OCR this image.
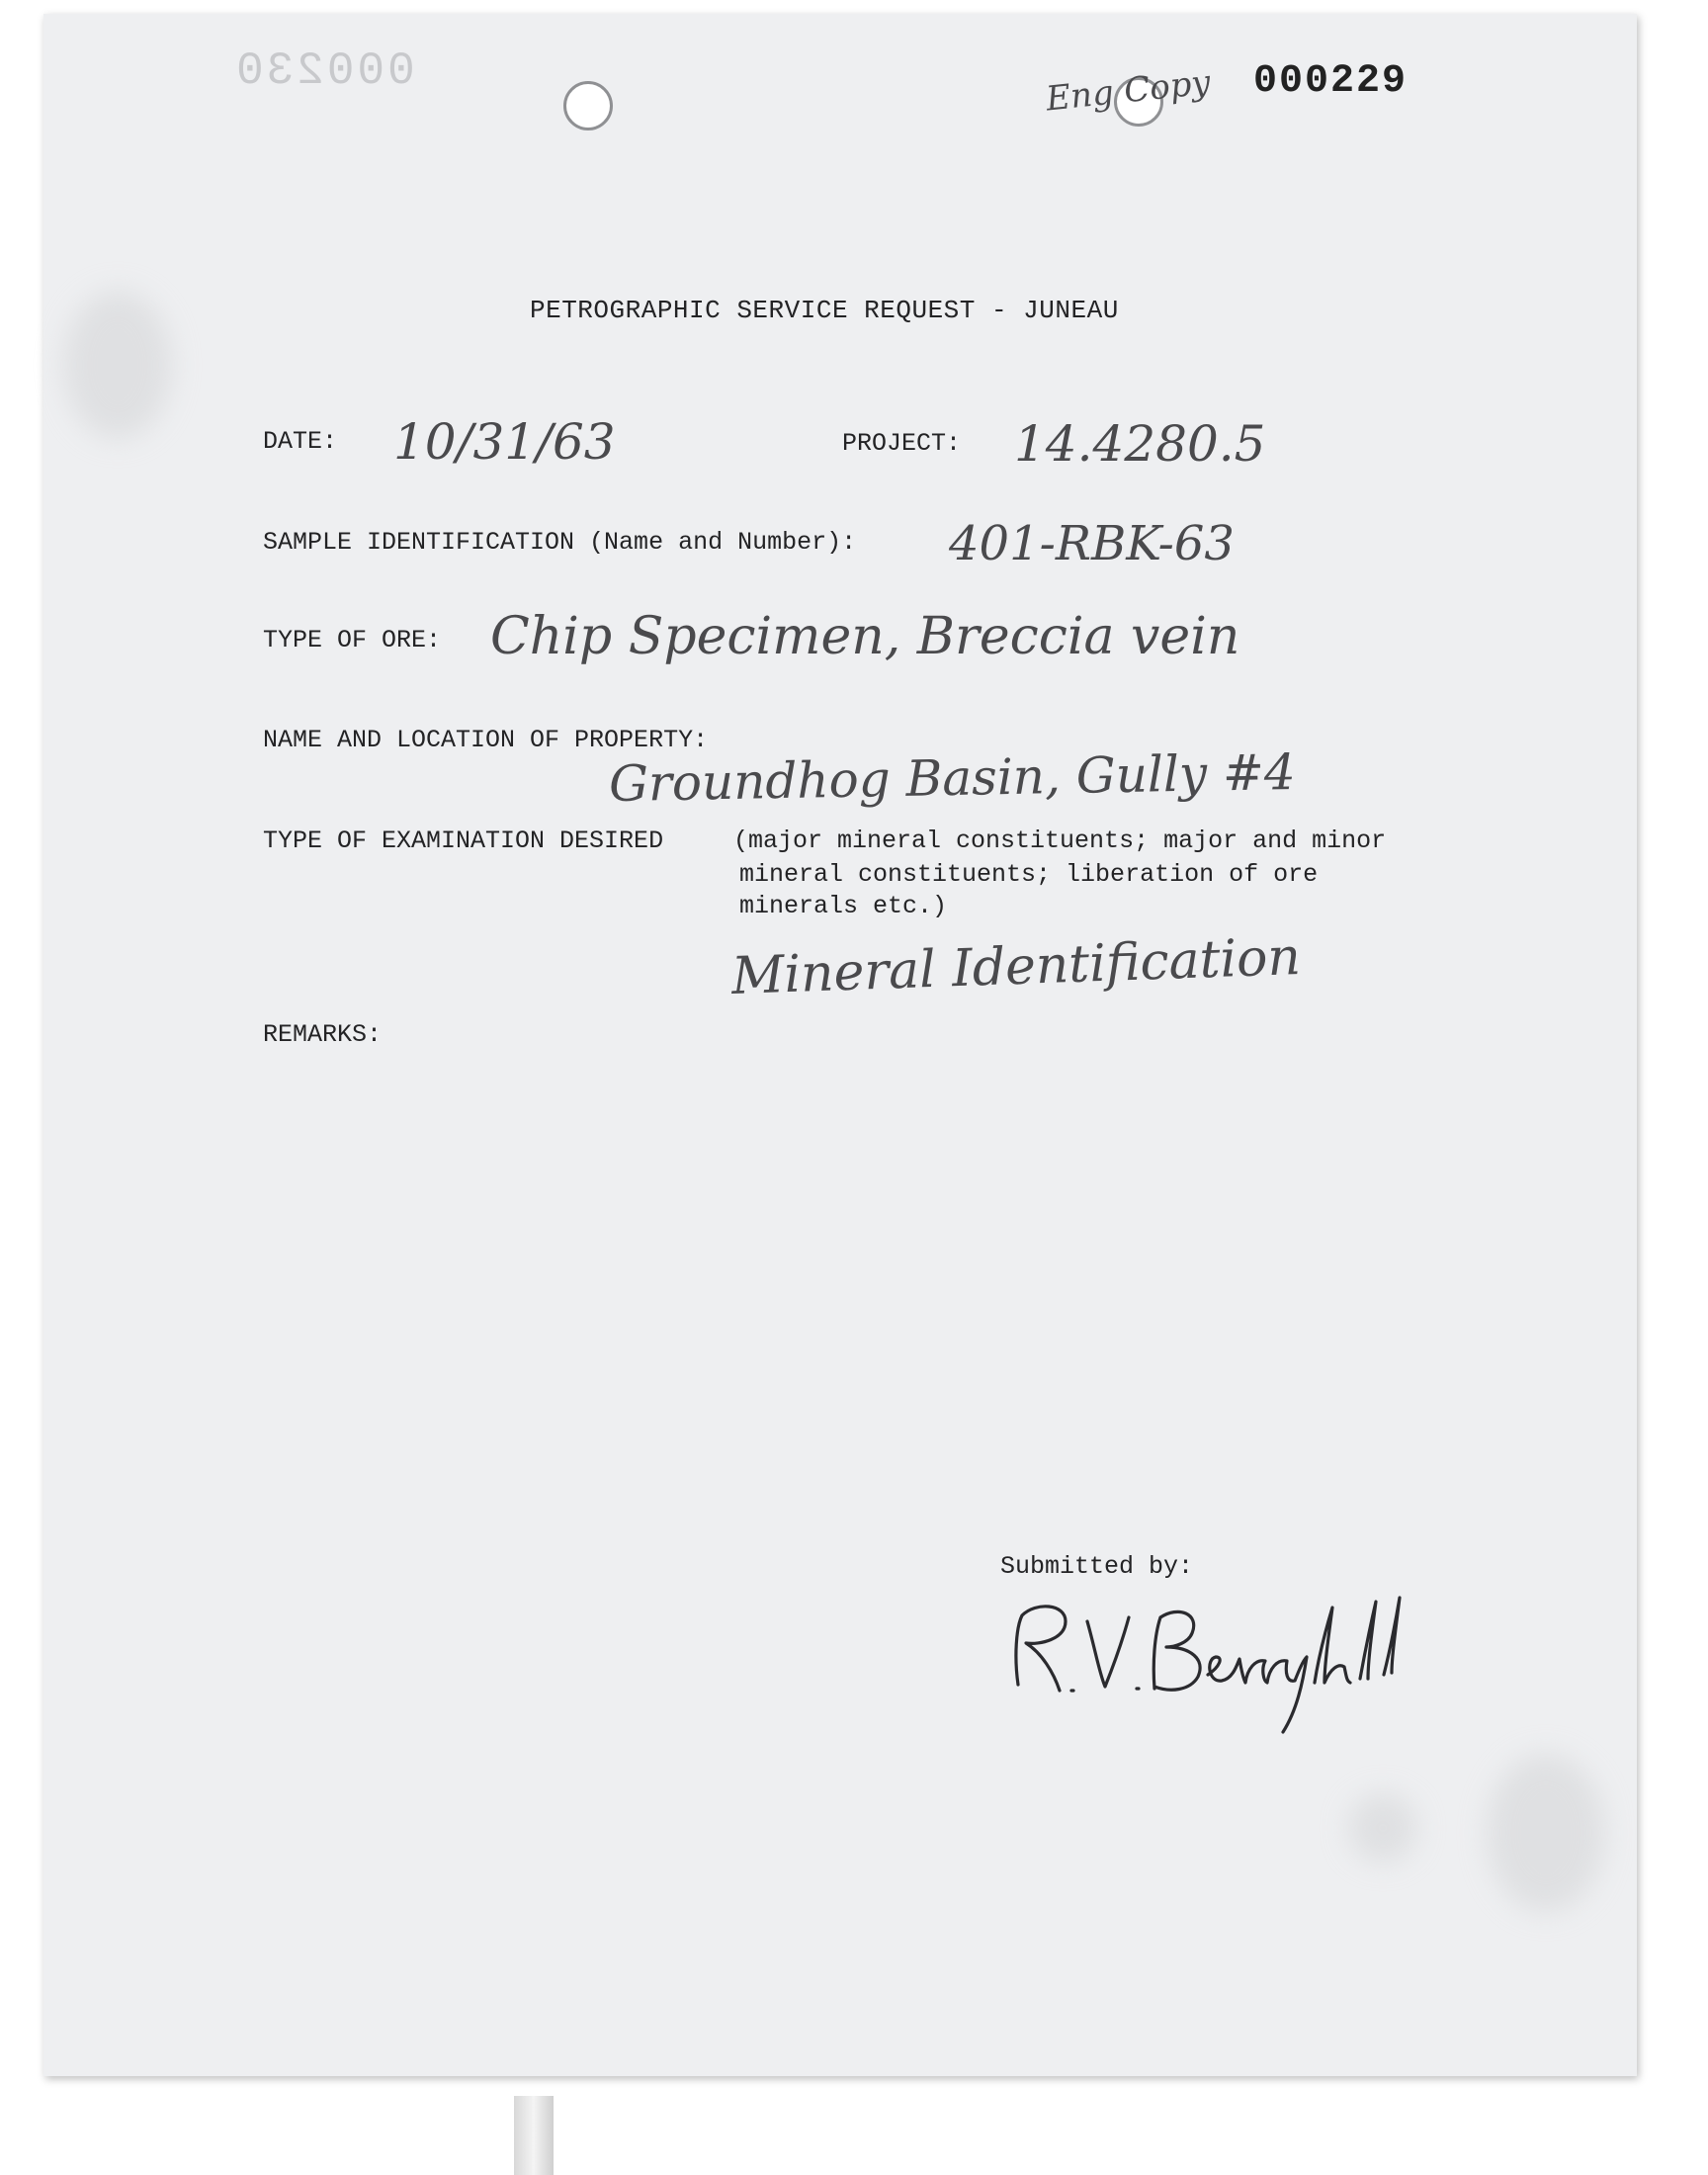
000230	Eng Copy 000229
PETROGRAPHIC SERVICE REQUEST - JUNEAU
DATE: 10/31/63	PROJECT: 14.4280.5
SAMPLE IDENTIFICATION (Name and Number): 401-RBK-63
TYPE OF ORE: Chip Specimen, Breccia vein
NAME AND LOCATION OF PROPERTY:
Groundhog Basin, Gully #4
TYPE OF EXAMINATION DESIRED	(major mineral constituents; major and minor
mineral constituents; liberation of ore
minerals etc.)
Mineral Identification
REMARKS:
Submitted by:
